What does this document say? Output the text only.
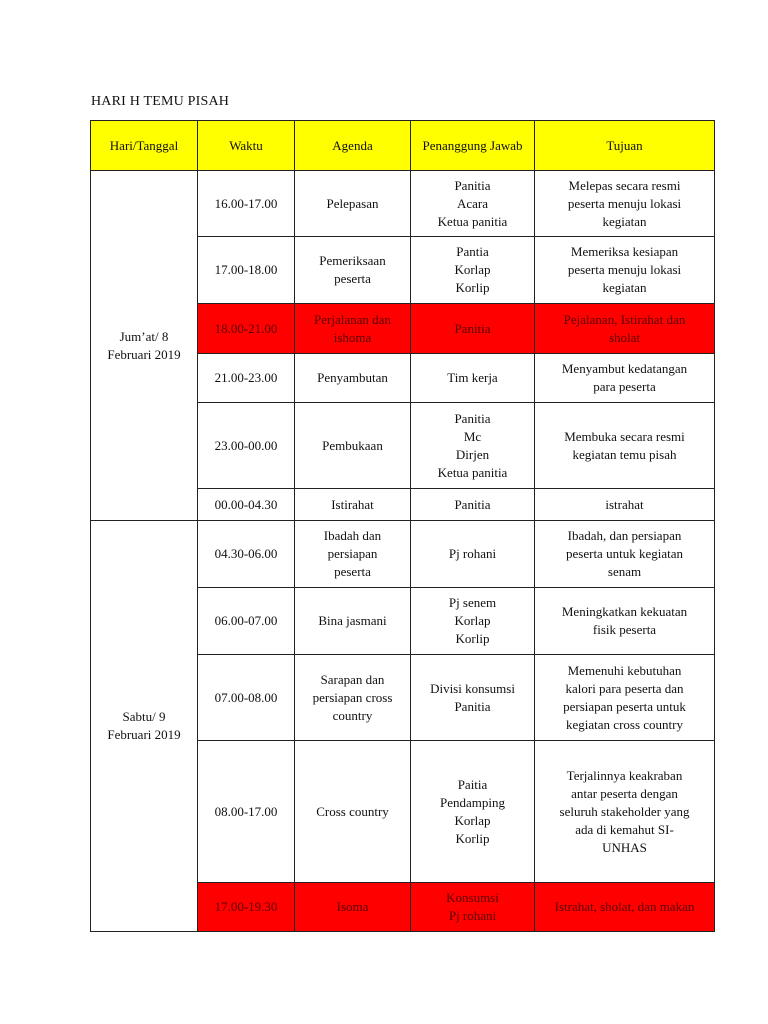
HARI H TEMU PISAH
Hari/Tanggal	Waktu	Agenda	Penanggung Jawab	Tujuan
Jum’at/ 8 Februari 2019	16.00-17.00	Pelepasan	Panitia
Acara
Ketua panitia	Melepas secara resmi
peserta menuju lokasi
kegiatan

	17.00-18.00	Pemeriksaan
peserta	Pantia
Korlap
Korlip	Memeriksa kesiapan
peserta menuju lokasi
kegiatan

	18.00-21.00	Perjalanan dan
ishoma	Panitia	Pejalanan, Istirahat dan
sholat

	21.00-23.00	Penyambutan	Tim kerja	Menyambut kedatangan
para peserta

	23.00-00.00	Pembukaan	Panitia
Mc
Dirjen
Ketua panitia	Membuka secara resmi
kegiatan temu pisah

	00.00-04.30	Istirahat	Panitia	istrahat

Sabtu/ 9 Februari 2019	04.30-06.00	Ibadah dan
persiapan
peserta	Pj rohani	Ibadah, dan persiapan
peserta untuk kegiatan
senam

	06.00-07.00	Bina jasmani	Pj senem
Korlap
Korlip	Meningkatkan kekuatan
fisik peserta

	07.00-08.00	Sarapan dan
persiapan cross
country	Divisi konsumsi
Panitia	Memenuhi kebutuhan
kalori para peserta dan
persiapan peserta untuk
kegiatan cross country

	08.00-17.00	Cross country	Paitia
Pendamping
Korlap
Korlip	Terjalinnya keakraban
antar peserta dengan
seluruh stakeholder yang
ada di kemahut SI-
UNHAS

	17.00-19.30	Isoma	Konsumsi
Pj rohani	Istrahat, sholat, dan makan
